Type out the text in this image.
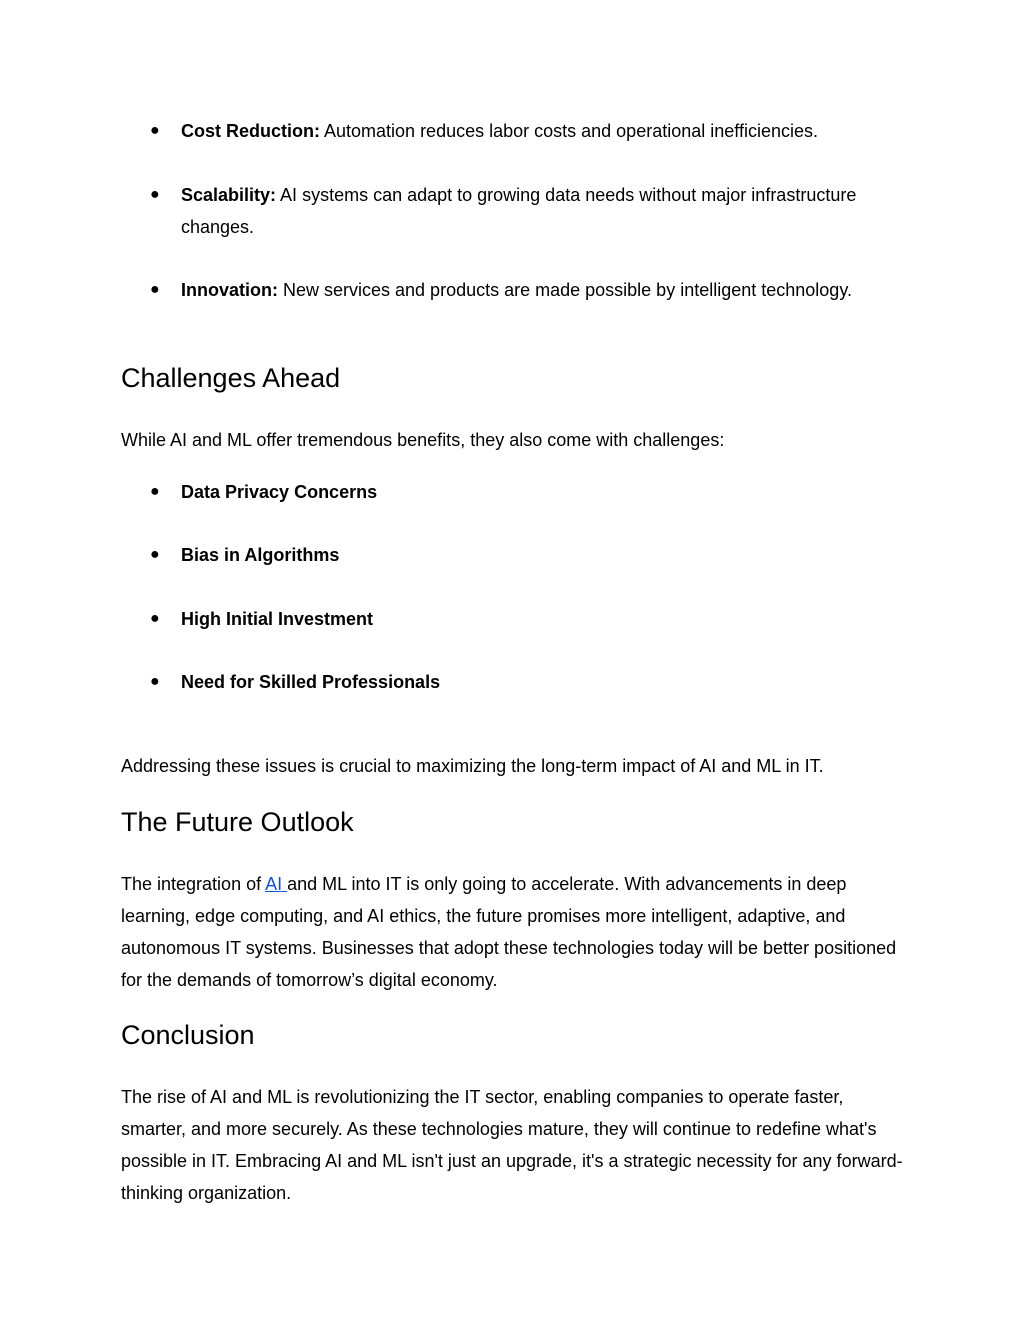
● Cost Reduction: Automation reduces labor costs and operational inefficiencies.
● Scalability: AI systems can adapt to growing data needs without major infrastructure changes.
● Innovation: New services and products are made possible by intelligent technology.
Challenges Ahead

While AI and ML offer tremendous benefits, they also come with challenges:

● Data Privacy Concerns
● Bias in Algorithms
● High Initial Investment
● Need for Skilled Professionals

Addressing these issues is crucial to maximizing the long-term impact of AI and ML in IT.

The Future Outlook

The integration of AI and ML into IT is only going to accelerate. With advancements in deep learning, edge computing, and AI ethics, the future promises more intelligent, adaptive, and autonomous IT systems. Businesses that adopt these technologies today will be better positioned for the demands of tomorrow’s digital economy.

Conclusion

The rise of AI and ML is revolutionizing the IT sector, enabling companies to operate faster, smarter, and more securely. As these technologies mature, they will continue to redefine what's possible in IT. Embracing AI and ML isn't just an upgrade, it's a strategic necessity for any forward-thinking organization.
